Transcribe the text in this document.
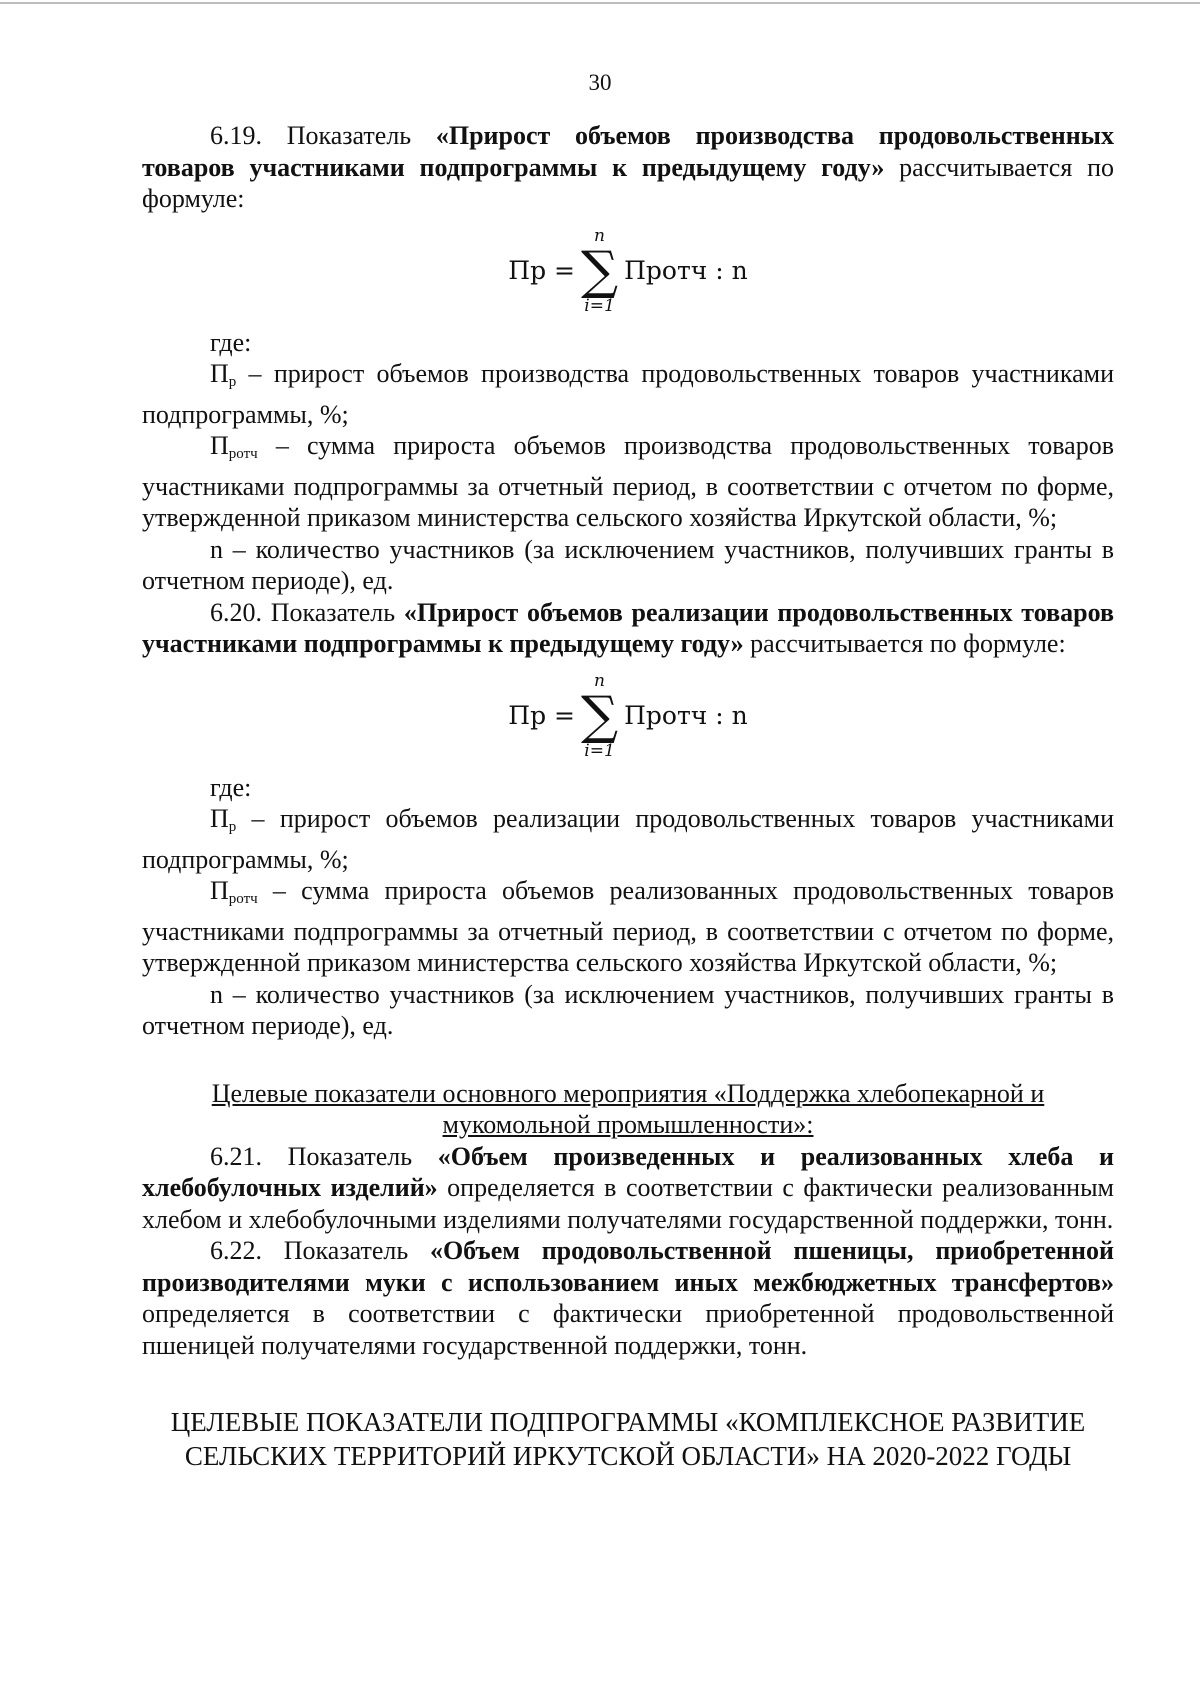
30

6.19. Показатель «Прирост объемов производства продовольственных товаров участниками подпрограммы к предыдущему году» рассчитывается по формуле:

Пр =
n
∑
i=1
Протч : n

где:

$П_р$ – прирост объемов производства продовольственных товаров участниками подпрограммы, %;

$П_{ротч}$ – сумма прироста объемов производства продовольственных товаров участниками подпрограммы за отчетный период, в соответствии с отчетом по форме, утвержденной приказом министерства сельского хозяйства Иркутской области, %;

n – количество участников (за исключением участников, получивших гранты в отчетном периоде), ед.

6.20. Показатель «Прирост объемов реализации продовольственных товаров участниками подпрограммы к предыдущему году» рассчитывается по формуле:

Пр =
n
∑
i=1
Протч : n

где:

$П_р$ – прирост объемов реализации продовольственных товаров участниками подпрограммы, %;

$П_{ротч}$ – сумма прироста объемов реализованных продовольственных товаров участниками подпрограммы за отчетный период, в соответствии с отчетом по форме, утвержденной приказом министерства сельского хозяйства Иркутской области, %;

n – количество участников (за исключением участников, получивших гранты в отчетном периоде), ед.

Целевые показатели основного мероприятия «Поддержка хлебопекарной и мукомольной промышленности»:

6.21. Показатель «Объем произведенных и реализованных хлеба и хлебобулочных изделий» определяется в соответствии с фактически реализованным хлебом и хлебобулочными изделиями получателями государственной поддержки, тонн.

6.22. Показатель «Объем продовольственной пшеницы, приобретенной производителями муки с использованием иных межбюджетных трансфертов» определяется в соответствии с фактически приобретенной продовольственной пшеницей получателями государственной поддержки, тонн.

ЦЕЛЕВЫЕ ПОКАЗАТЕЛИ ПОДПРОГРАММЫ «КОМПЛЕКСНОЕ РАЗВИТИЕ СЕЛЬСКИХ ТЕРРИТОРИЙ ИРКУТСКОЙ ОБЛАСТИ» НА 2020-2022 ГОДЫ
